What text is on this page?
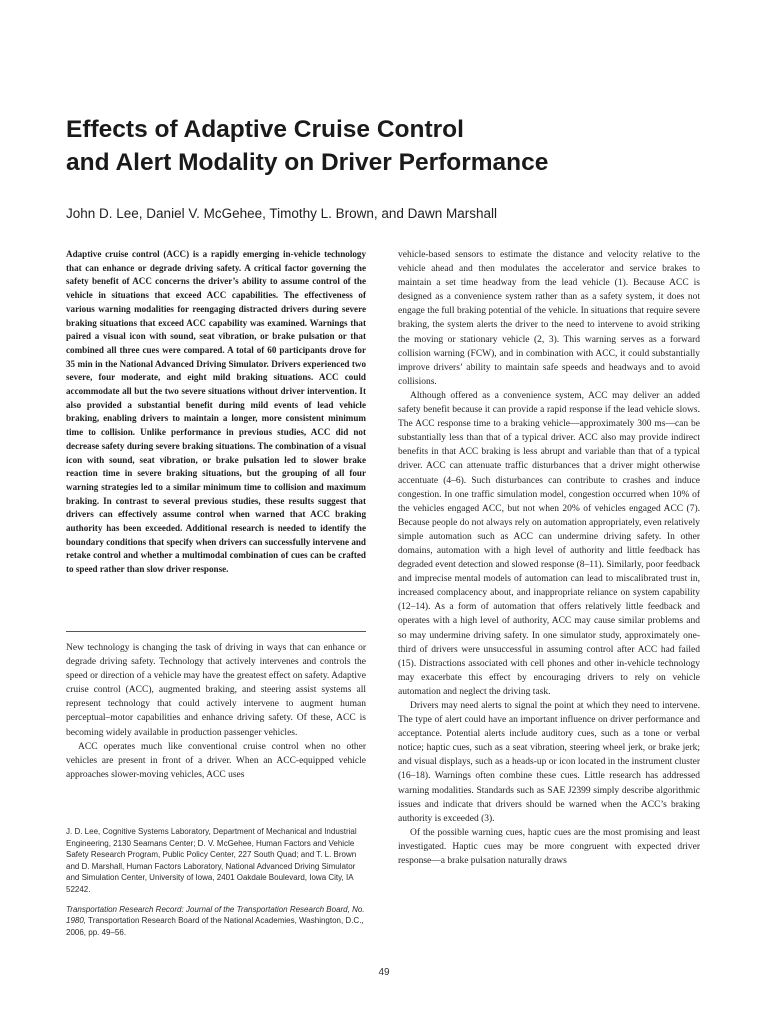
Effects of Adaptive Cruise Control
and Alert Modality on Driver Performance

John D. Lee, Daniel V. McGehee, Timothy L. Brown, and Dawn Marshall

Adaptive cruise control (ACC) is a rapidly emerging in-vehicle technology that can enhance or degrade driving safety. A critical factor governing the safety benefit of ACC concerns the driver’s ability to assume control of the vehicle in situations that exceed ACC capabilities. The effectiveness of various warning modalities for reengaging distracted drivers during severe braking situations that exceed ACC capability was examined. Warnings that paired a visual icon with sound, seat vibration, or brake pulsation or that combined all three cues were compared. A total of 60 participants drove for 35 min in the National Advanced Driving Simulator. Drivers experienced two severe, four moderate, and eight mild braking situations. ACC could accommodate all but the two severe situations without driver intervention. It also provided a substantial benefit during mild events of lead vehicle braking, enabling drivers to maintain a longer, more consistent minimum time to collision. Unlike performance in previous studies, ACC did not decrease safety during severe braking situations. The combination of a visual icon with sound, seat vibration, or brake pulsation led to slower brake reaction time in severe braking situations, but the grouping of all four warning strategies led to a similar minimum time to collision and maximum braking. In contrast to several previous studies, these results suggest that drivers can effectively assume control when warned that ACC braking authority has been exceeded. Additional research is needed to identify the boundary conditions that specify when drivers can successfully intervene and retake control and whether a multimodal combination of cues can be crafted to speed rather than slow driver response.

New technology is changing the task of driving in ways that can enhance or degrade driving safety. Technology that actively intervenes and controls the speed or direction of a vehicle may have the greatest effect on safety. Adaptive cruise control (ACC), augmented braking, and steering assist systems all represent technology that could actively intervene to augment human perceptual–motor capabilities and enhance driving safety. Of these, ACC is becoming widely available in production passenger vehicles.

ACC operates much like conventional cruise control when no other vehicles are present in front of a driver. When an ACC-equipped vehicle approaches slower-moving vehicles, ACC uses

J. D. Lee, Cognitive Systems Laboratory, Department of Mechanical and Industrial Engineering, 2130 Seamans Center; D. V. McGehee, Human Factors and Vehicle Safety Research Program, Public Policy Center, 227 South Quad; and T. L. Brown and D. Marshall, Human Factors Laboratory, National Advanced Driving Simulator and Simulation Center, University of Iowa, 2401 Oakdale Boulevard, Iowa City, IA 52242.

Transportation Research Record: Journal of the Transportation Research Board, No. 1980, Transportation Research Board of the National Academies, Washington, D.C., 2006, pp. 49–56.

vehicle-based sensors to estimate the distance and velocity relative to the vehicle ahead and then modulates the accelerator and service brakes to maintain a set time headway from the lead vehicle (1). Because ACC is designed as a convenience system rather than as a safety system, it does not engage the full braking potential of the vehicle. In situations that require severe braking, the system alerts the driver to the need to intervene to avoid striking the moving or stationary vehicle (2, 3). This warning serves as a forward collision warning (FCW), and in combination with ACC, it could substantially improve drivers’ ability to maintain safe speeds and headways and to avoid collisions.

Although offered as a convenience system, ACC may deliver an added safety benefit because it can provide a rapid response if the lead vehicle slows. The ACC response time to a braking vehicle—approximately 300 ms—can be substantially less than that of a typical driver. ACC also may provide indirect benefits in that ACC braking is less abrupt and variable than that of a typical driver. ACC can attenuate traffic disturbances that a driver might otherwise accentuate (4–6). Such disturbances can contribute to crashes and induce congestion. In one traffic simulation model, congestion occurred when 10% of the vehicles engaged ACC, but not when 20% of vehicles engaged ACC (7). Because people do not always rely on automation appropriately, even relatively simple automation such as ACC can undermine driving safety. In other domains, automation with a high level of authority and little feedback has degraded event detection and slowed response (8–11). Similarly, poor feedback and imprecise mental models of automation can lead to miscalibrated trust in, increased complacency about, and inappropriate reliance on system capability (12–14). As a form of automation that offers relatively little feedback and operates with a high level of authority, ACC may cause similar problems and so may undermine driving safety. In one simulator study, approximately one-third of drivers were unsuccessful in assuming control after ACC had failed (15). Distractions associated with cell phones and other in-vehicle technology may exacerbate this effect by encouraging drivers to rely on vehicle automation and neglect the driving task.

Drivers may need alerts to signal the point at which they need to intervene. The type of alert could have an important influence on driver performance and acceptance. Potential alerts include auditory cues, such as a tone or verbal notice; haptic cues, such as a seat vibration, steering wheel jerk, or brake jerk; and visual displays, such as a heads-up or icon located in the instrument cluster (16–18). Warnings often combine these cues. Little research has addressed warning modalities. Standards such as SAE J2399 simply describe algorithmic issues and indicate that drivers should be warned when the ACC’s braking authority is exceeded (3).

Of the possible warning cues, haptic cues are the most promising and least investigated. Haptic cues may be more congruent with expected driver response—a brake pulsation naturally draws

49
